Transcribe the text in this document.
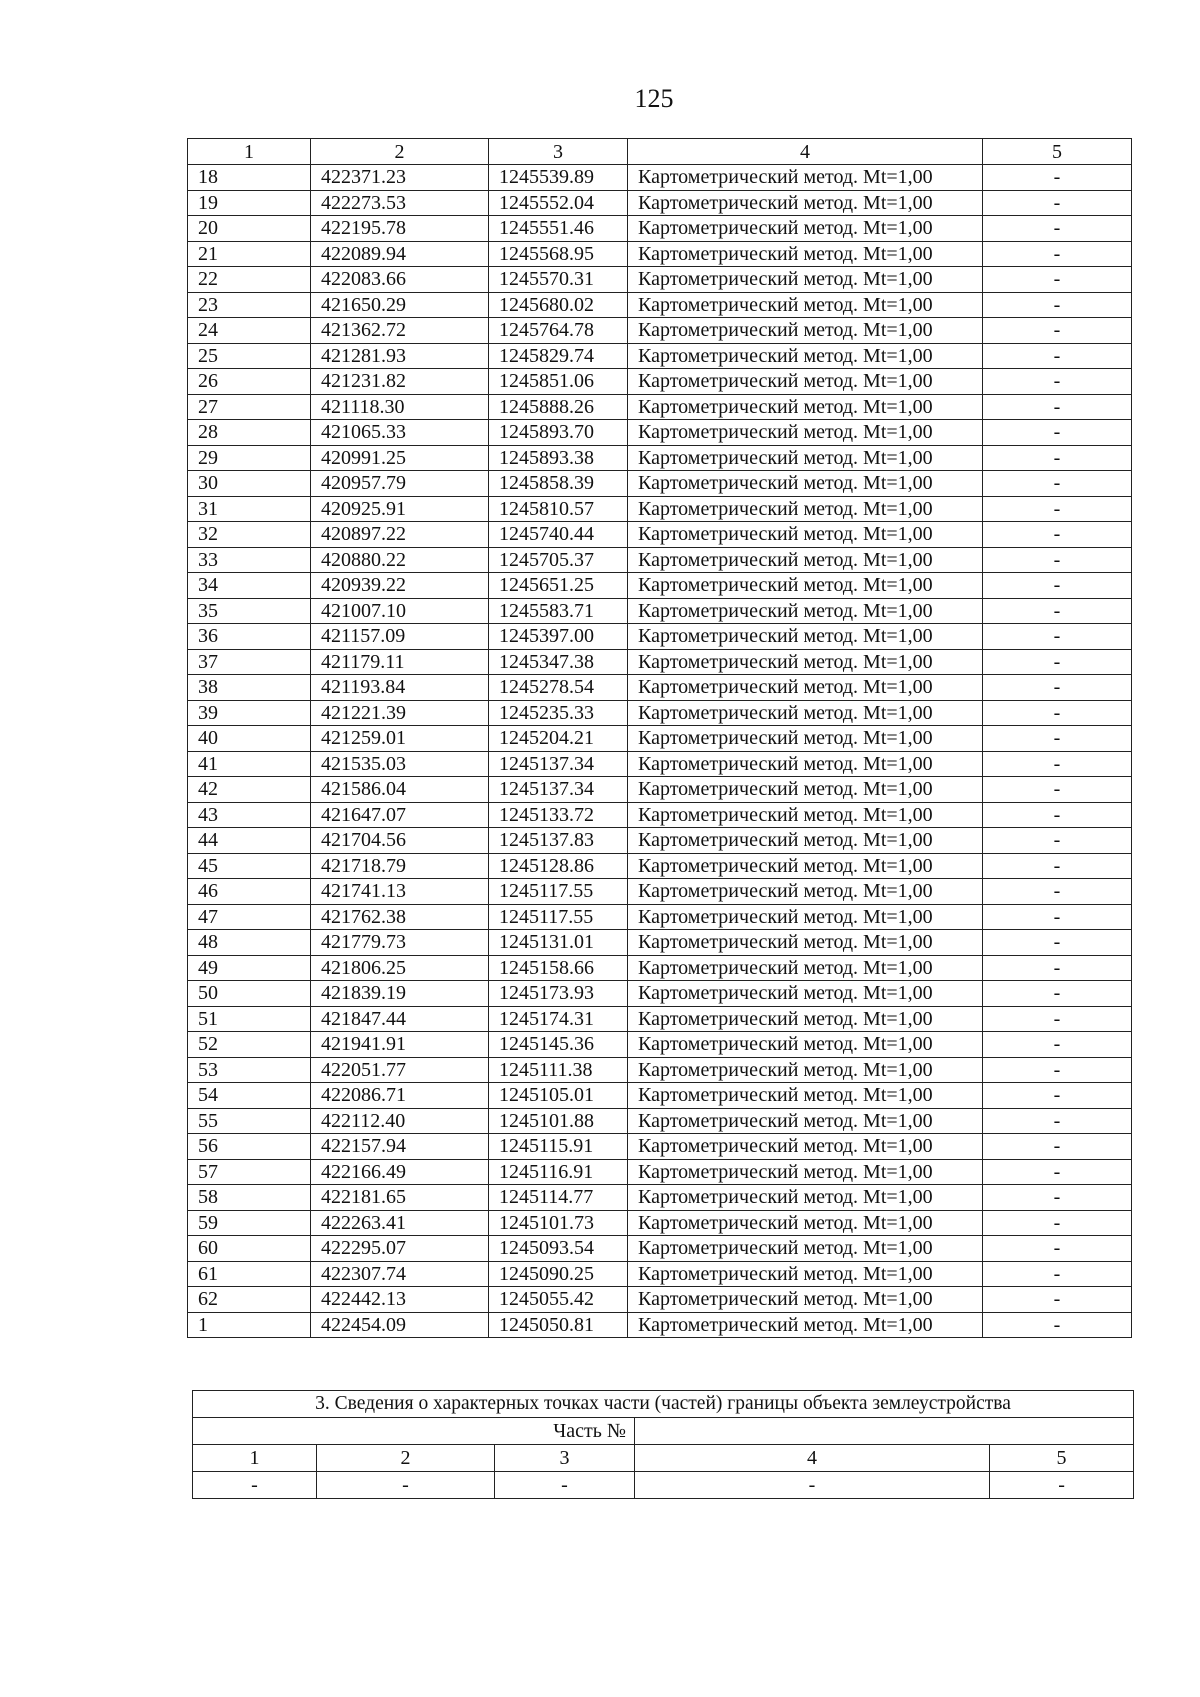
125
1	2	3	4	5
18	422371.23	1245539.89	Картометрический метод. Mt=1,00	-
19	422273.53	1245552.04	Картометрический метод. Mt=1,00	-
20	422195.78	1245551.46	Картометрический метод. Mt=1,00	-
21	422089.94	1245568.95	Картометрический метод. Mt=1,00	-
22	422083.66	1245570.31	Картометрический метод. Mt=1,00	-
23	421650.29	1245680.02	Картометрический метод. Mt=1,00	-
24	421362.72	1245764.78	Картометрический метод. Mt=1,00	-
25	421281.93	1245829.74	Картометрический метод. Mt=1,00	-
26	421231.82	1245851.06	Картометрический метод. Mt=1,00	-
27	421118.30	1245888.26	Картометрический метод. Mt=1,00	-
28	421065.33	1245893.70	Картометрический метод. Mt=1,00	-
29	420991.25	1245893.38	Картометрический метод. Mt=1,00	-
30	420957.79	1245858.39	Картометрический метод. Mt=1,00	-
31	420925.91	1245810.57	Картометрический метод. Mt=1,00	-
32	420897.22	1245740.44	Картометрический метод. Mt=1,00	-
33	420880.22	1245705.37	Картометрический метод. Mt=1,00	-
34	420939.22	1245651.25	Картометрический метод. Mt=1,00	-
35	421007.10	1245583.71	Картометрический метод. Mt=1,00	-
36	421157.09	1245397.00	Картометрический метод. Mt=1,00	-
37	421179.11	1245347.38	Картометрический метод. Mt=1,00	-
38	421193.84	1245278.54	Картометрический метод. Mt=1,00	-
39	421221.39	1245235.33	Картометрический метод. Mt=1,00	-
40	421259.01	1245204.21	Картометрический метод. Mt=1,00	-
41	421535.03	1245137.34	Картометрический метод. Mt=1,00	-
42	421586.04	1245137.34	Картометрический метод. Mt=1,00	-
43	421647.07	1245133.72	Картометрический метод. Mt=1,00	-
44	421704.56	1245137.83	Картометрический метод. Mt=1,00	-
45	421718.79	1245128.86	Картометрический метод. Mt=1,00	-
46	421741.13	1245117.55	Картометрический метод. Mt=1,00	-
47	421762.38	1245117.55	Картометрический метод. Mt=1,00	-
48	421779.73	1245131.01	Картометрический метод. Mt=1,00	-
49	421806.25	1245158.66	Картометрический метод. Mt=1,00	-
50	421839.19	1245173.93	Картометрический метод. Mt=1,00	-
51	421847.44	1245174.31	Картометрический метод. Mt=1,00	-
52	421941.91	1245145.36	Картометрический метод. Mt=1,00	-
53	422051.77	1245111.38	Картометрический метод. Mt=1,00	-
54	422086.71	1245105.01	Картометрический метод. Mt=1,00	-
55	422112.40	1245101.88	Картометрический метод. Mt=1,00	-
56	422157.94	1245115.91	Картометрический метод. Mt=1,00	-
57	422166.49	1245116.91	Картометрический метод. Mt=1,00	-
58	422181.65	1245114.77	Картометрический метод. Mt=1,00	-
59	422263.41	1245101.73	Картометрический метод. Mt=1,00	-
60	422295.07	1245093.54	Картометрический метод. Mt=1,00	-
61	422307.74	1245090.25	Картометрический метод. Mt=1,00	-
62	422442.13	1245055.42	Картометрический метод. Mt=1,00	-
1	422454.09	1245050.81	Картометрический метод. Mt=1,00	-
3. Сведения о характерных точках части (частей) границы объекта землеустройства				
Часть №				
1	2	3	4	5
-	-	-	-	-
